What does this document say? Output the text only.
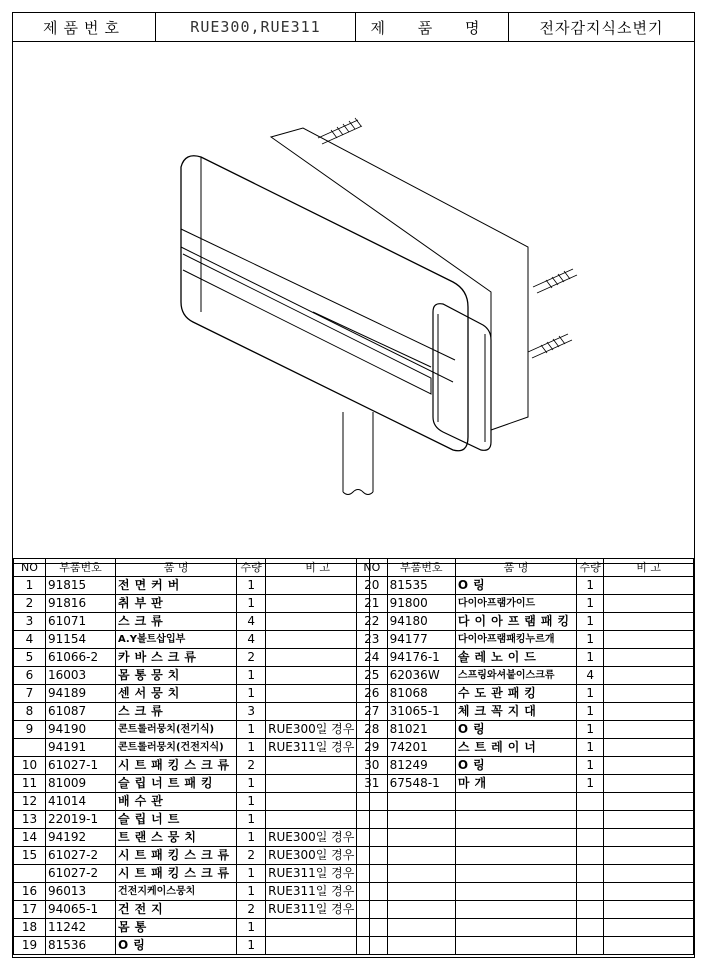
제품번호	RUE300,RUE311	제 품 명	전자감지식소변기
NO	부품번호	품 명	수량	비 고
1	91815	전면커버	1	
2	91816	취부판	1	
3	61071	스크류	4	
4	91154	A.Y볼트삽입부	4	
5	61066-2	카바스크류	2	
6	16003	몸통뭉치	1	
7	94189	센서뭉치	1	
8	61087	스크류	3	
9	94190	콘트롤러뭉치(전기식)	1	RUE300일 경우
	94191	콘트롤러뭉치(건전지식)	1	RUE311일 경우
10	61027-1	시트패킹스크류	2	
11	81009	슬립너트패킹	1	
12	41014	배수관	1	
13	22019-1	슬립너트	1	
14	94192	트랜스뭉치	1	RUE300일 경우
15	61027-2	시트패킹스크류	2	RUE300일 경우
	61027-2	시트패킹스크류	1	RUE311일 경우
16	96013	건전지케이스뭉치	1	RUE311일 경우
17	94065-1	건전지	2	RUE311일 경우
18	11242	몸통	1	
19	81536	O링	1	
NO	부품번호	품 명	수량	비 고
20	81535	O링	1	
21	91800	다이아프램가이드	1	
22	94180	다이아프램패킹	1	
23	94177	다이아프램패킹누르개	1	
24	94176-1	솔레노이드	1	
25	62036W	스프링와셔붙이스크류	4	
26	81068	수도관패킹	1	
27	31065-1	체크꼭지대	1	
28	81021	O링	1	
29	74201	스트레이너	1	
30	81249	O링	1	
31	67548-1	마개	1	
